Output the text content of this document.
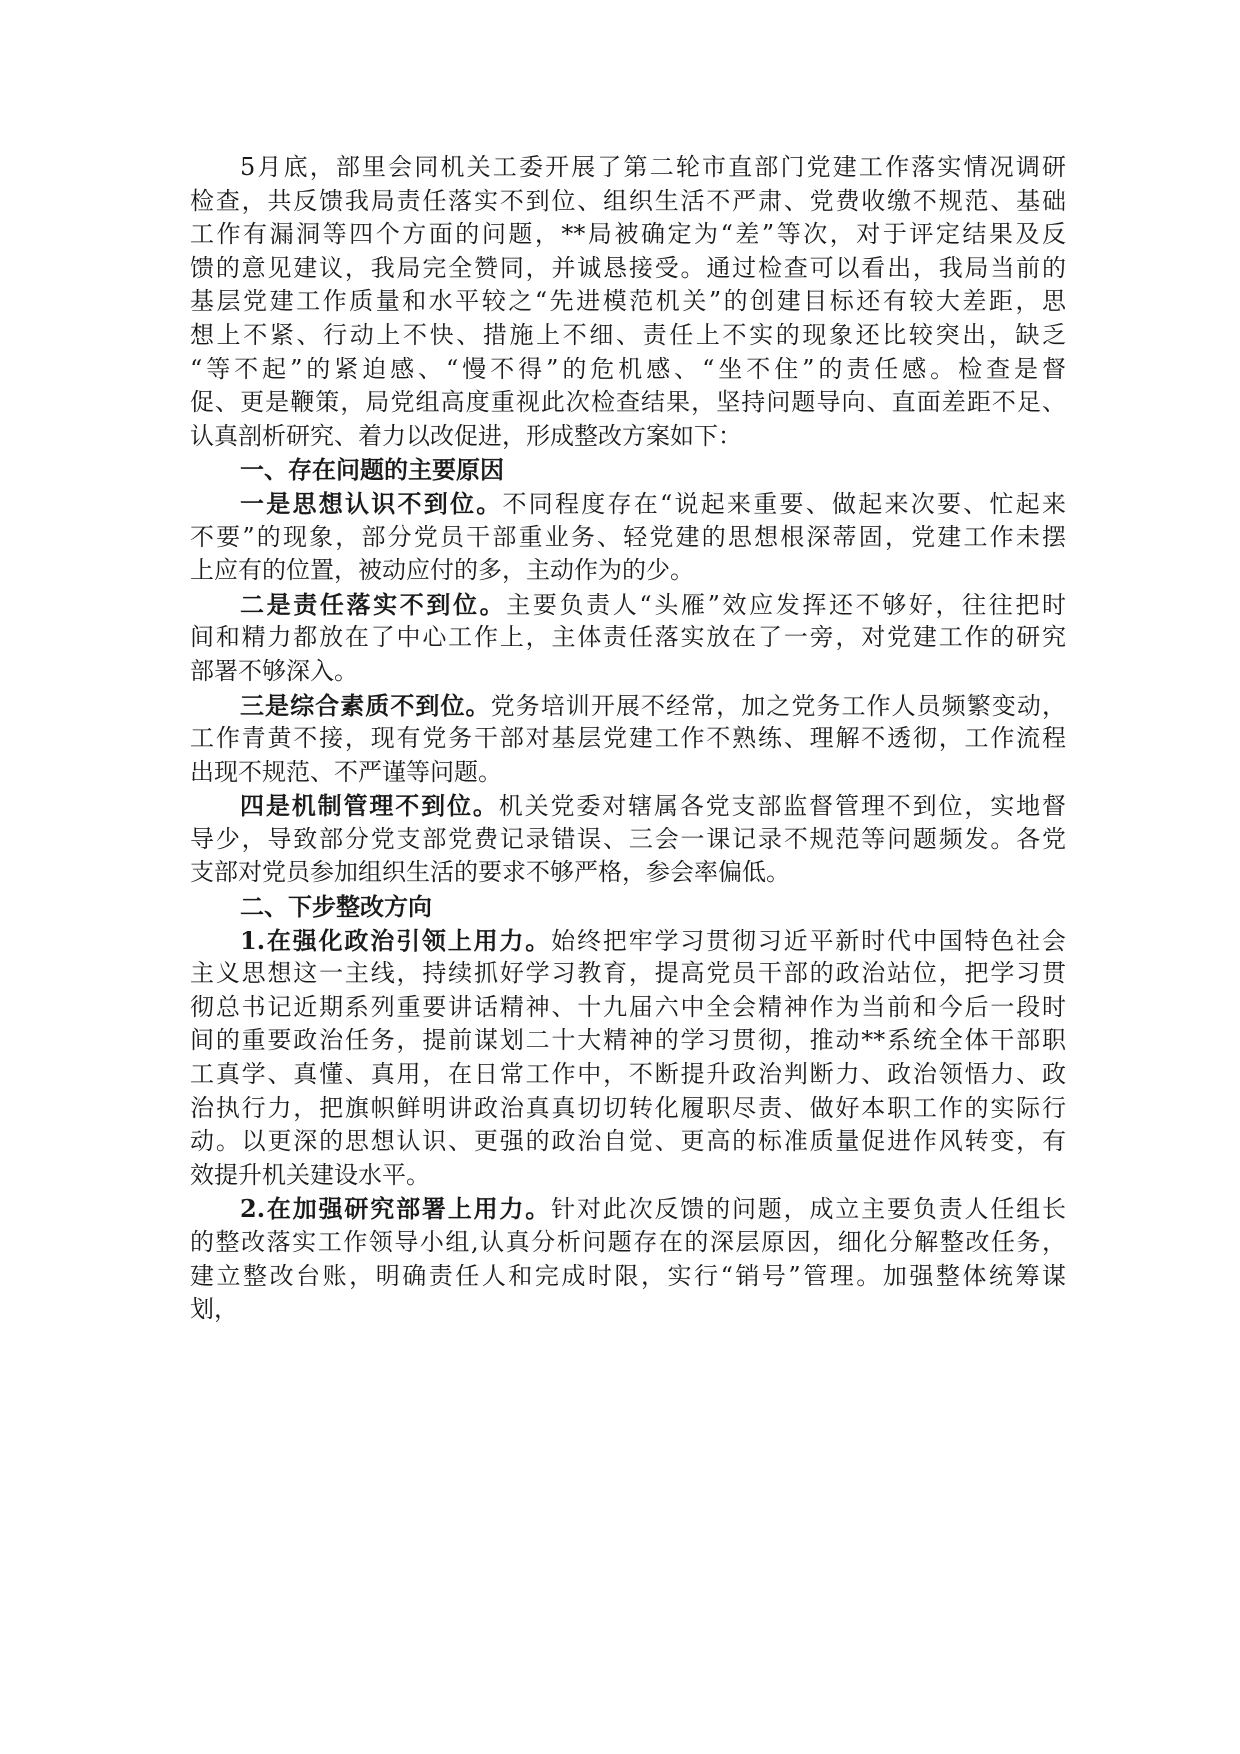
5月底，部里会同机关工委开展了第二轮市直部门党建工作落实情况调研
检查，共反馈我局责任落实不到位、组织生活不严肃、党费收缴不规范、基础
工作有漏洞等四个方面的问题，**局被确定为“差”等次，对于评定结果及反
馈的意见建议，我局完全赞同，并诚恳接受。通过检查可以看出，我局当前的
基层党建工作质量和水平较之“先进模范机关”的创建目标还有较大差距，思
想上不紧、行动上不快、措施上不细、责任上不实的现象还比较突出，缺乏
“等不起”的紧迫感、“慢不得”的危机感、“坐不住”的责任感。检查是督
促、更是鞭策，局党组高度重视此次检查结果，坚持问题导向、直面差距不足、
认真剖析研究、着力以改促进，形成整改方案如下：
一、存在问题的主要原因
一是思想认识不到位。不同程度存在“说起来重要、做起来次要、忙起来
不要”的现象，部分党员干部重业务、轻党建的思想根深蒂固，党建工作未摆
上应有的位置，被动应付的多，主动作为的少。
二是责任落实不到位。主要负责人“头雁”效应发挥还不够好，往往把时
间和精力都放在了中心工作上，主体责任落实放在了一旁，对党建工作的研究
部署不够深入。
三是综合素质不到位。党务培训开展不经常，加之党务工作人员频繁变动，
工作青黄不接，现有党务干部对基层党建工作不熟练、理解不透彻，工作流程
出现不规范、不严谨等问题。
四是机制管理不到位。机关党委对辖属各党支部监督管理不到位，实地督
导少，导致部分党支部党费记录错误、三会一课记录不规范等问题频发。各党
支部对党员参加组织生活的要求不够严格，参会率偏低。
二、下步整改方向
1.在强化政治引领上用力。始终把牢学习贯彻习近平新时代中国特色社会
主义思想这一主线，持续抓好学习教育，提高党员干部的政治站位，把学习贯
彻总书记近期系列重要讲话精神、十九届六中全会精神作为当前和今后一段时
间的重要政治任务，提前谋划二十大精神的学习贯彻，推动**系统全体干部职
工真学、真懂、真用，在日常工作中，不断提升政治判断力、政治领悟力、政
治执行力，把旗帜鲜明讲政治真真切切转化履职尽责、做好本职工作的实际行
动。以更深的思想认识、更强的政治自觉、更高的标准质量促进作风转变，有
效提升机关建设水平。
2.在加强研究部署上用力。针对此次反馈的问题，成立主要负责人任组长
的整改落实工作领导小组,认真分析问题存在的深层原因，细化分解整改任务，
建立整改台账，明确责任人和完成时限，实行“销号”管理。加强整体统筹谋
划，
